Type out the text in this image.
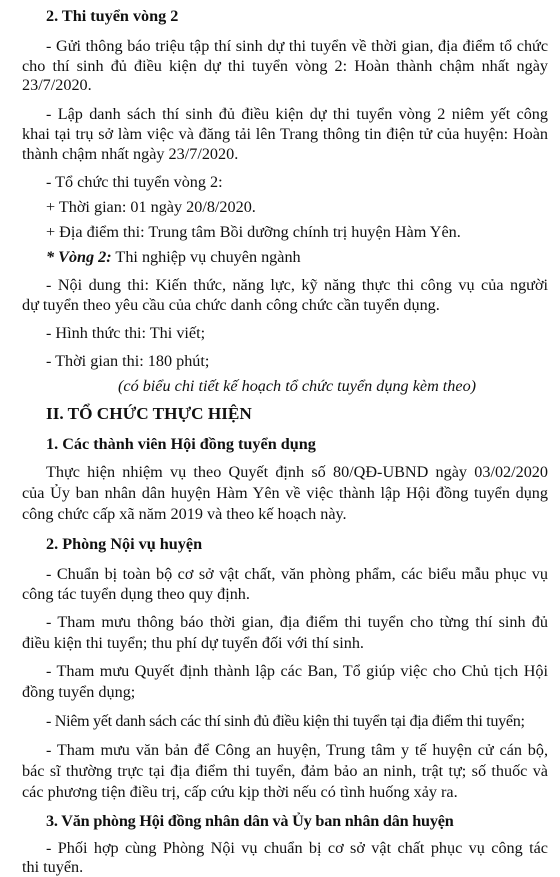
2. Thi tuyển vòng 2
- Gửi thông báo triệu tập thí sinh dự thi tuyển về thời gian, địa điểm tổ chức
cho thí sinh đủ điều kiện dự thi tuyển vòng 2: Hoàn thành chậm nhất ngày
23/7/2020.
- Lập danh sách thí sinh đủ điều kiện dự thi tuyển vòng 2 niêm yết công
khai tại trụ sở làm việc và đăng tải lên Trang thông tin điện tử của huyện: Hoàn
thành chậm nhất ngày 23/7/2020.
- Tổ chức thi tuyển vòng 2:
+ Thời gian: 01 ngày 20/8/2020.
+ Địa điểm thi: Trung tâm Bồi dưỡng chính trị huyện Hàm Yên.
* Vòng 2: Thi nghiệp vụ chuyên ngành
- Nội dung thi: Kiến thức, năng lực, kỹ năng thực thi công vụ của người
dự tuyển theo yêu cầu của chức danh công chức cần tuyển dụng.
- Hình thức thi: Thi viết;
- Thời gian thi: 180 phút;
(có biểu chi tiết kế hoạch tổ chức tuyển dụng kèm theo)
II. TỔ CHỨC THỰC HIỆN
1. Các thành viên Hội đồng tuyển dụng
Thực hiện nhiệm vụ theo Quyết định số 80/QĐ-UBND ngày 03/02/2020
của Ủy ban nhân dân huyện Hàm Yên về việc thành lập Hội đồng tuyển dụng
công chức cấp xã năm 2019 và theo kế hoạch này.
2. Phòng Nội vụ huyện
- Chuẩn bị toàn bộ cơ sở vật chất, văn phòng phẩm, các biểu mẫu phục vụ
công tác tuyển dụng theo quy định.
- Tham mưu thông báo thời gian, địa điểm thi tuyển cho từng thí sinh đủ
điều kiện thi tuyển; thu phí dự tuyển đối với thí sinh.
- Tham mưu Quyết định thành lập các Ban, Tổ giúp việc cho Chủ tịch Hội
đồng tuyển dụng;
- Niêm yết danh sách các thí sinh đủ điều kiện thi tuyển tại địa điểm thi tuyển;
- Tham mưu văn bản để Công an huyện, Trung tâm y tế huyện cử cán bộ,
bác sĩ thường trực tại địa điểm thi tuyển, đảm bảo an ninh, trật tự; số thuốc và
các phương tiện điều trị, cấp cứu kịp thời nếu có tình huống xảy ra.
3. Văn phòng Hội đồng nhân dân và Ủy ban nhân dân huyện
- Phối hợp cùng Phòng Nội vụ chuẩn bị cơ sở vật chất phục vụ công tác
thi tuyển.
